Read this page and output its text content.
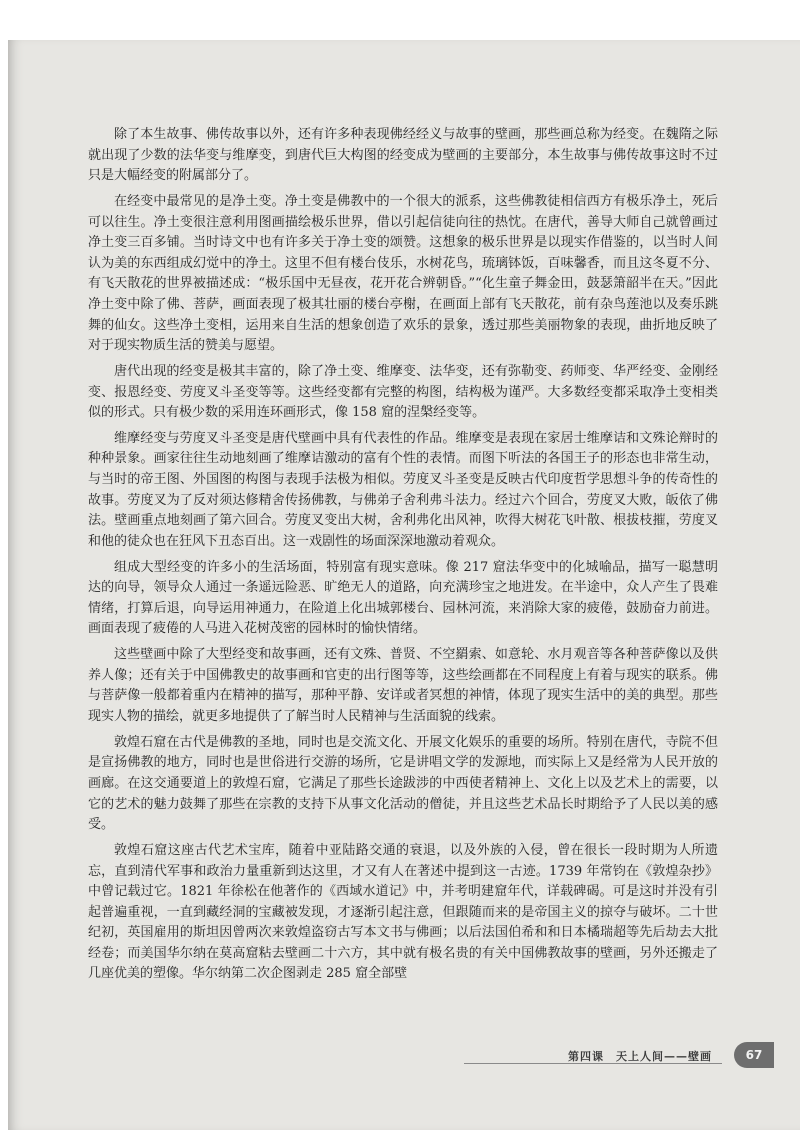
除了本生故事、佛传故事以外，还有许多种表现佛经经义与故事的壁画，那些画总称为经变。在魏隋之际就出现了少数的法华变与维摩变，到唐代巨大构图的经变成为壁画的主要部分，本生故事与佛传故事这时不过只是大幅经变的附属部分了。

在经变中最常见的是净土变。净土变是佛教中的一个很大的派系，这些佛教徒相信西方有极乐净土，死后可以往生。净土变很注意利用图画描绘极乐世界，借以引起信徒向往的热忱。在唐代，善导大师自己就曾画过净土变三百多铺。当时诗文中也有许多关于净土变的颂赞。这想象的极乐世界是以现实作借鉴的，以当时人间认为美的东西组成幻觉中的净土。这里不但有楼台伎乐，水树花鸟，琉璃钵饭，百味馨香，而且这冬夏不分、有飞天散花的世界被描述成：“极乐国中无昼夜，花开花合辨朝昏。”“化生童子舞金田，鼓瑟箫韶半在天。”因此净土变中除了佛、菩萨，画面表现了极其壮丽的楼台亭榭，在画面上部有飞天散花，前有杂鸟莲池以及奏乐跳舞的仙女。这些净土变相，运用来自生活的想象创造了欢乐的景象，透过那些美丽物象的表现，曲折地反映了对于现实物质生活的赞美与愿望。

唐代出现的经变是极其丰富的，除了净土变、维摩变、法华变，还有弥勒变、药师变、华严经变、金刚经变、报恩经变、劳度叉斗圣变等等。这些经变都有完整的构图，结构极为谨严。大多数经变都采取净土变相类似的形式。只有极少数的采用连环画形式，像 158 窟的涅槃经变等。

维摩经变与劳度叉斗圣变是唐代壁画中具有代表性的作品。维摩变是表现在家居士维摩诘和文殊论辩时的种种景象。画家往往生动地刻画了维摩诘激动的富有个性的表情。而图下听法的各国王子的形态也非常生动，与当时的帝王图、外国图的构图与表现手法极为相似。劳度叉斗圣变是反映古代印度哲学思想斗争的传奇性的故事。劳度叉为了反对须达修精舍传扬佛教，与佛弟子舍利弗斗法力。经过六个回合，劳度叉大败，皈依了佛法。壁画重点地刻画了第六回合。劳度叉变出大树，舍利弗化出风神，吹得大树花飞叶散、根拔枝摧，劳度叉和他的徒众也在狂风下丑态百出。这一戏剧性的场面深深地激动着观众。

组成大型经变的许多小的生活场面，特别富有现实意味。像 217 窟法华变中的化城喻品，描写一聪慧明达的向导，领导众人通过一条遥远险恶、旷绝无人的道路，向充满珍宝之地进发。在半途中，众人产生了畏难情绪，打算后退，向导运用神通力，在险道上化出城郭楼台、园林河流，来消除大家的疲倦，鼓励奋力前进。画面表现了疲倦的人马进入花树茂密的园林时的愉快情绪。

这些壁画中除了大型经变和故事画，还有文殊、普贤、不空羂索、如意轮、水月观音等各种菩萨像以及供养人像；还有关于中国佛教史的故事画和官吏的出行图等等，这些绘画都在不同程度上有着与现实的联系。佛与菩萨像一般都着重内在精神的描写，那种平静、安详或者冥想的神情，体现了现实生活中的美的典型。那些现实人物的描绘，就更多地提供了了解当时人民精神与生活面貌的线索。

敦煌石窟在古代是佛教的圣地，同时也是交流文化、开展文化娱乐的重要的场所。特别在唐代，寺院不但是宣扬佛教的地方，同时也是世俗进行交游的场所，它是讲唱文学的发源地，而实际上又是经常为人民开放的画廊。在这交通要道上的敦煌石窟，它满足了那些长途跋涉的中西使者精神上、文化上以及艺术上的需要，以它的艺术的魅力鼓舞了那些在宗教的支持下从事文化活动的僧徒，并且这些艺术品长时期给予了人民以美的感受。

敦煌石窟这座古代艺术宝库，随着中亚陆路交通的衰退，以及外族的入侵，曾在很长一段时期为人所遗忘，直到清代军事和政治力量重新到达这里，才又有人在著述中提到这一古迹。1739 年常钧在《敦煌杂抄》中曾记载过它。1821 年徐松在他著作的《西域水道记》中，并考明建窟年代，详载碑碣。可是这时并没有引起普遍重视，一直到藏经洞的宝藏被发现，才逐渐引起注意，但跟随而来的是帝国主义的掠夺与破坏。二十世纪初，英国雇用的斯坦因曾两次来敦煌盗窃古写本文书与佛画；以后法国伯希和和日本橘瑞超等先后劫去大批经卷；而美国华尔纳在莫高窟粘去壁画二十六方，其中就有极名贵的有关中国佛教故事的壁画，另外还搬走了几座优美的塑像。华尔纳第二次企图剥走 285 窟全部壁

第四课　天上人间——壁画	67
